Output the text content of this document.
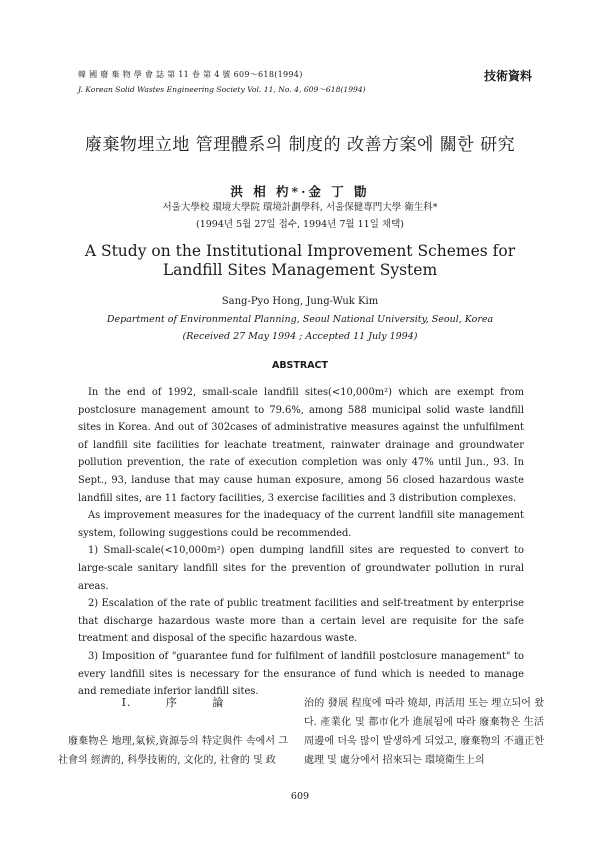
韓 國 廢 棄 物 學 會 誌 第 11 卷 第 4 號 609～618(1994)
J. Korean Solid Wastes Engineering Society Vol. 11, No. 4, 609～618(1994)
技術資料
廢棄物埋立地 管理體系의 制度的 改善方案에 關한 研究
洪 相 杓*·金 丁 勖
서울大學校 環境大學院 環境計劃學科, 서울保健專門大學 衛生科*
(1994년 5월 27일 접수, 1994년 7월 11일 채택)
A Study on the Institutional Improvement Schemes for
Landfill Sites Management System
Sang-Pyo Hong, Jung-Wuk Kim
Department of Environmental Planning, Seoul National University, Seoul, Korea
(Received 27 May 1994 ; Accepted 11 July 1994)
ABSTRACT

In the end of 1992, small-scale landfill sites(<10,000m²) which are exempt from postclosure management amount to 79.6%, among 588 municipal solid waste landfill sites in Korea. And out of 302cases of administrative measures against the unfulfilment of landfill site facilities for leachate treatment, rainwater drainage and groundwater pollution prevention, the rate of execution completion was only 47% until Jun., 93. In Sept., 93, landuse that may cause human exposure, among 56 closed hazardous waste landfill sites, are 11 factory facilities, 3 exercise facilities and 3 distribution complexes.

As improvement measures for the inadequacy of the current landfill site management system, following suggestions could be recommended.

1) Small-scale(<10,000m²) open dumping landfill sites are requested to convert to large-scale sanitary landfill sites for the prevention of groundwater pollution in rural areas.

2) Escalation of the rate of public treatment facilities and self-treatment by enterprise that discharge hazardous waste more than a certain level are requisite for the safe treatment and disposal of the specific hazardous waste.

3) Imposition of "guarantee fund for fulfilment of landfill postclosure management" to every landfill sites is necessary for the ensurance of fund which is needed to manage and remediate inferior landfill sites.

Ⅰ. 序 論
廢棄物은 地理,氣候,資源등의 特定與件 속에서 그 社會의 經濟的, 科學技術的, 文化的, 社會的 및 政
治的 發展 程度에 따라 燒却, 再活用 또는 埋立되어 왔다. 產業化 및 都市化가 進展됨에 따라 廢棄物은 生活周邊에 더욱 많이 발생하게 되었고, 廢棄物의 不適正한 處理 및 處分에서 招來되는 環境衛生上의
609
